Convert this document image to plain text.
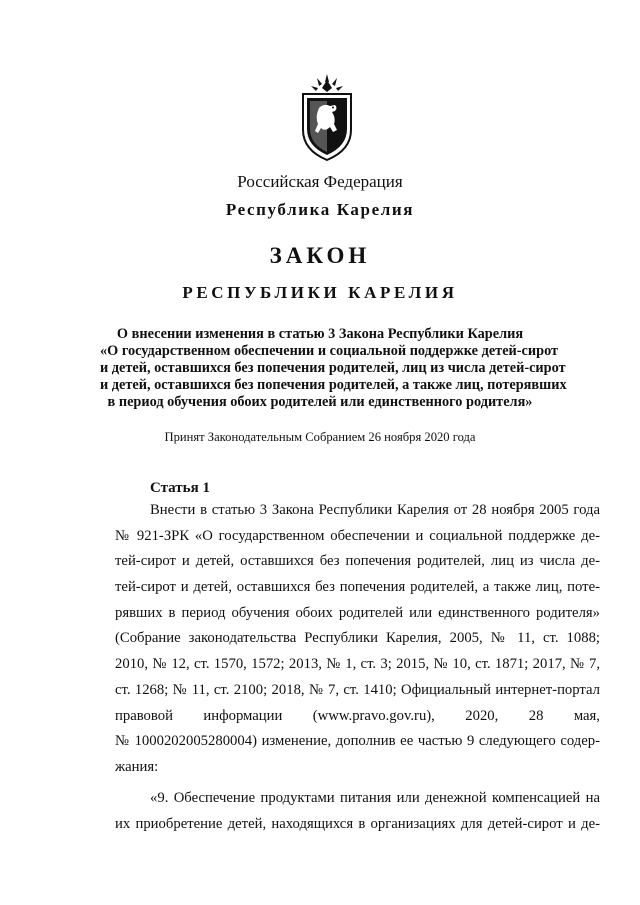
Российская Федерация
Республика Карелия
ЗАКОН
РЕСПУБЛИКИ КАРЕЛИЯ
О внесении изменения в статью 3 Закона Республики Карелия
«О государственном обеспечении и социальной поддержке детей-сирот
и детей, оставшихся без попечения родителей, лиц из числа детей-сирот
и детей, оставшихся без попечения родителей, а также лиц, потерявших
в период обучения обоих родителей или единственного родителя»
Принят Законодательным Собранием 26 ноября 2020 года
Статья 1
Внести в статью 3 Закона Республики Карелия от 28 ноября 2005 года
№ 921-ЗРК «О государственном обеспечении и социальной поддержке де-
тей-сирот и детей, оставшихся без попечения родителей, лиц из числа де-
тей-сирот и детей, оставшихся без попечения родителей, а также лиц, поте-
рявших в период обучения обоих родителей или единственного родителя»
(Собрание законодательства Республики Карелия, 2005, № 11, ст. 1088;
2010, № 12, ст. 1570, 1572; 2013, № 1, ст. 3; 2015, № 10, ст. 1871; 2017, № 7,
ст. 1268; № 11, ст. 2100; 2018, № 7, ст. 1410; Официальный интернет-портал
правовой информации (www.pravo.gov.ru), 2020, 28 мая,
№ 1000202005280004) изменение, дополнив ее частью 9 следующего содер-
жания:
«9. Обеспечение продуктами питания или денежной компенсацией на
их приобретение детей, находящихся в организациях для детей-сирот и де-
